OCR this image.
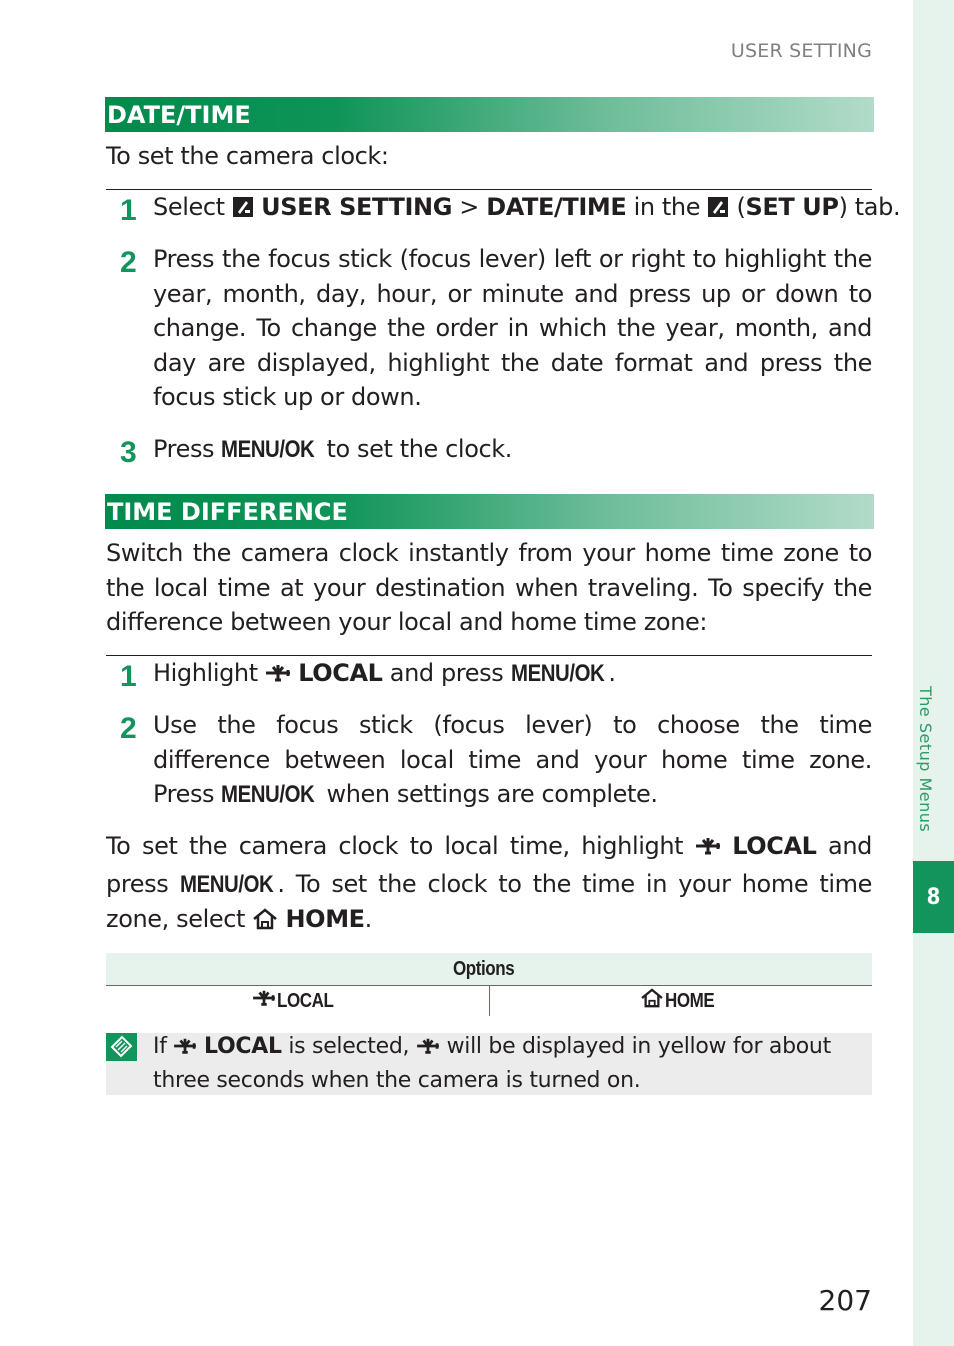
The Setup Menus
8
USER SETTING
DATE/TIME
To set the camera clock:
1 Select  USER SETTING > DATE/TIME in the  (SET UP) tab.
2 Press the focus stick (focus lever) left or right to highlight the year, month, day, hour, or minute and press up or down to change. To change the order in which the year, month, and day are displayed, highlight the date format and press the focus stick up or down.
3 Press MENU/OK to set the clock.
TIME DIFFERENCE
Switch the camera clock instantly from your home time zone to the local time at your destination when traveling. To specify the difference between your local and home time zone:
1 Highlight  LOCAL and press MENU/OK .
2 Use the focus stick (focus lever) to choose the time difference between local time and your home time zone. Press MENU/OK when settings are complete.
To set the camera clock to local time, highlight  LOCAL and press MENU/OK . To set the clock to the time in your home time zone, select  HOME.
Options
LOCAL	HOME
If  LOCAL is selected,  will be displayed in yellow for about three seconds when the camera is turned on.
207
